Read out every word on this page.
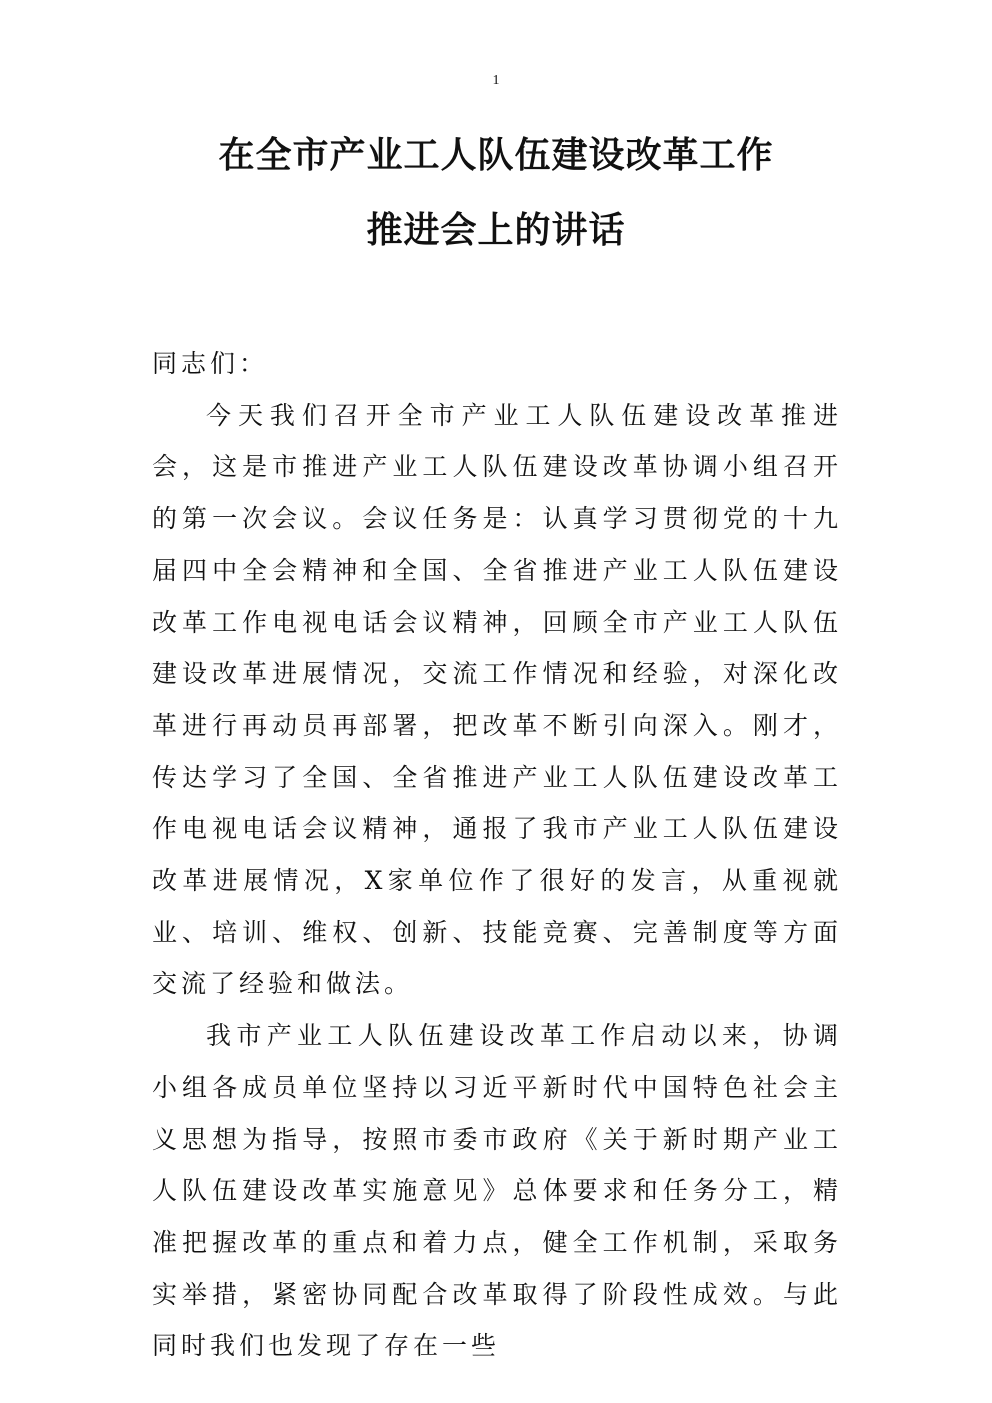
1
在全市产业工人队伍建设改革工作
推进会上的讲话

同志们：

今天我们召开全市产业工人队伍建设改革推进会，这是市推进产业工人队伍建设改革协调小组召开的第一次会议。会议任务是：认真学习贯彻党的十九届四中全会精神和全国、全省推进产业工人队伍建设改革工作电视电话会议精神，回顾全市产业工人队伍建设改革进展情况，交流工作情况和经验，对深化改革进行再动员再部署，把改革不断引向深入。刚才，传达学习了全国、全省推进产业工人队伍建设改革工作电视电话会议精神，通报了我市产业工人队伍建设改革进展情况，X家单位作了很好的发言，从重视就业、培训、维权、创新、技能竞赛、完善制度等方面交流了经验和做法。

我市产业工人队伍建设改革工作启动以来，协调小组各成员单位坚持以习近平新时代中国特色社会主义思想为指导，按照市委市政府《关于新时期产业工人队伍建设改革实施意见》总体要求和任务分工，精准把握改革的重点和着力点，健全工作机制，采取务实举措，紧密协同配合改革取得了阶段性成效。与此同时我们也发现了存在一些
